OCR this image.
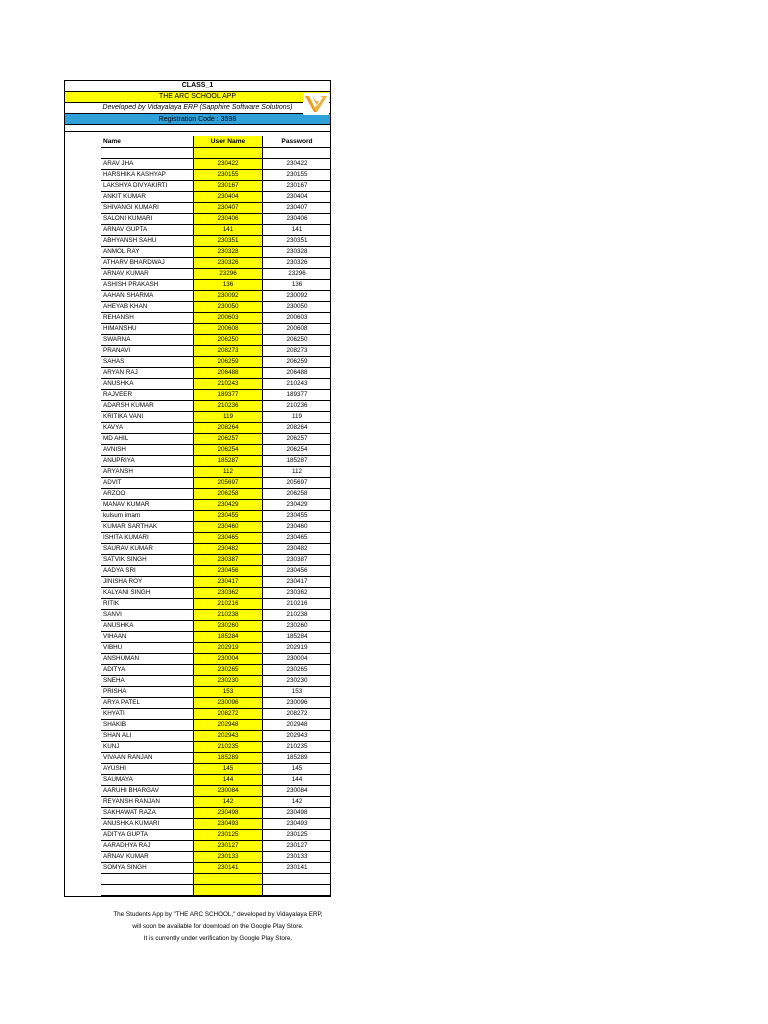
CLASS_1
THE ARC SCHOOL APP
Developed by Vidayalaya ERP (Sapphire Software Solutions)
Registration Code : 3598
Name	User Name	Password

ARAV JHA	230422	230422
HARSHIKA KASHYAP	230155	230155
LAKSHYA DIVYAKIRTI	230167	230167
ANKIT KUMAR	230404	230404
SHIVANGI KUMARI	230407	230407
SALONI KUMARI	230406	230406
ARNAV GUPTA	141	141
ABHYANSH SAHU	230351	230351
ANMOL RAY	230328	230328
ATHARV BHARDWAJ	230326	230326
ARNAV KUMAR	23296	23296
ASHISH PRAKASH	136	136
AAHAN SHARMA	230092	230092
AHEYAB KHAN	230050	230050
REHANSH	200603	200603
HIMANSHU	200608	200608
SWARNA	206250	206250
PRANAVI	208273	208273
SAHAS	206259	206259
ARYAN RAJ	206488	206488
ANUSHKA	210243	210243
RAJVEER	189377	189377
ADARSH KUMAR	210236	210236
KRITIKA VANI	119	119
KAVYA	208264	208264
MD AHIL	206257	206257
AVNISH	206254	206254
ANUPRIYA	185287	185287
ARYANSH	112	112
ADVIT	205697	205697
ARZOO	206258	206258
MANAV KUMAR	230429	230429
kulsum imam	230455	230455
KUMAR SARTHAK	230460	230460
ISHITA KUMARI	230465	230465
SAURAV KUMAR	230482	230482
SATVIK SINGH	230387	230387
AADYA SRI	230456	230456
JINISHA ROY	230417	230417
KALYANI SINGH	230362	230362
RITIK	210216	210216
SANVI	210238	210238
ANUSHKA	230260	230260
VIHAAN	185284	185284
VIBHU	202919	202919
ANSHUMAN	230004	230004
ADITYA	230265	230265
SNEHA	230230	230230
PRISHA	153	153
ARYA PATEL	230096	230096
KHYATI	208272	208272
SHAKIB	202948	202948
SHAN ALI	202943	202943
KUNJ	210235	210235
VIVAAN RANJAN	185289	185289
AYUSHI	145	145
SAUMAYA	144	144
AARUHI BHARGAV	230084	230084
REYANSH RANJAN	142	142
SAKHAWAT RAZA	230498	230498
ANUSHKA KUMARI	230493	230493
ADITYA GUPTA	230125	230125
AARADHYA RAJ	230127	230127
ARNAV KUMAR	230133	230133
SOMYA SINGH	230141	230141

The Students App by "THE ARC SCHOOL," developed by Vidayalaya ERP,
will soon be available for download on the Google Play Store.
It is currently under verification by Google Play Store.
